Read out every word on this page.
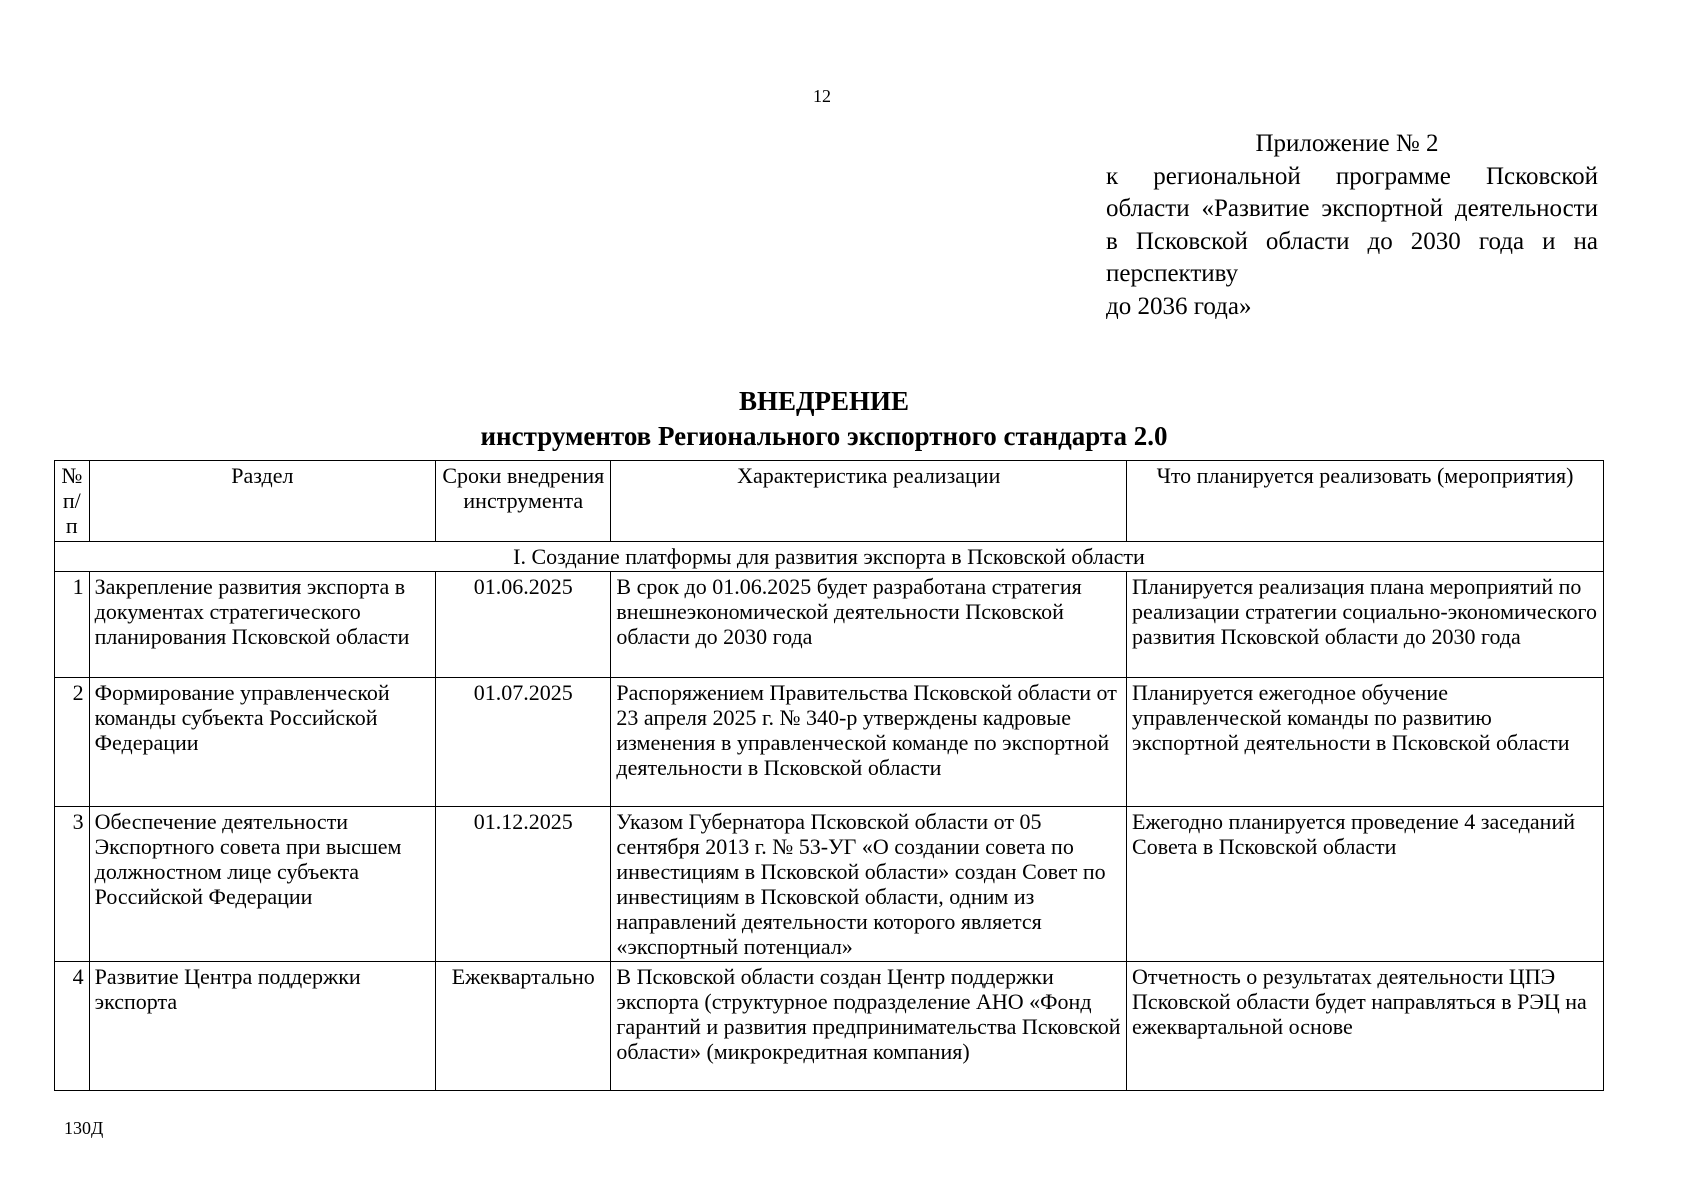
12
Приложение № 2
к региональной программе Псковской области «Развитие экспортной деятельности в Псковской области до 2030 года и на перспективу
до 2036 года»
ВНЕДРЕНИЕ
инструментов Регионального экспортного стандарта 2.0
№ п/п	Раздел	Сроки внедрения инструмента	Характеристика реализации	Что планируется реализовать (мероприятия)
I. Создание платформы для развития экспорта в Псковской области				
1	Закрепление развития экспорта в документах стратегического планирования Псковской области	01.06.2025	В срок до 01.06.2025 будет разработана стратегия внешнеэкономической деятельности Псковской области до 2030 года	Планируется реализация плана мероприятий по реализации стратегии социально-экономического развития Псковской области до 2030 года
2	Формирование управленческой команды субъекта Российской Федерации	01.07.2025	Распоряжением Правительства Псковской области от 23 апреля 2025 г. № 340-р утверждены кадровые изменения в управленческой команде по экспортной деятельности в Псковской области	Планируется ежегодное обучение управленческой команды по развитию экспортной деятельности в Псковской области
3	Обеспечение деятельности Экспортного совета при высшем должностном лице субъекта Российской Федерации	01.12.2025	Указом Губернатора Псковской области от 05 сентября 2013 г. № 53-УГ «О создании совета по инвестициям в Псковской области» создан Совет по инвестициям в Псковской области, одним из направлений деятельности которого является «экспортный потенциал»	Ежегодно планируется проведение 4 заседаний Совета в Псковской области
4	Развитие Центра поддержки экспорта	Ежеквартально	В Псковской области создан Центр поддержки экспорта (структурное подразделение АНО «Фонд гарантий и развития предпринимательства Псковской области» (микрокредитная компания)	Отчетность о результатах деятельности ЦПЭ Псковской области будет направляться в РЭЦ на ежеквартальной основе
130Д
